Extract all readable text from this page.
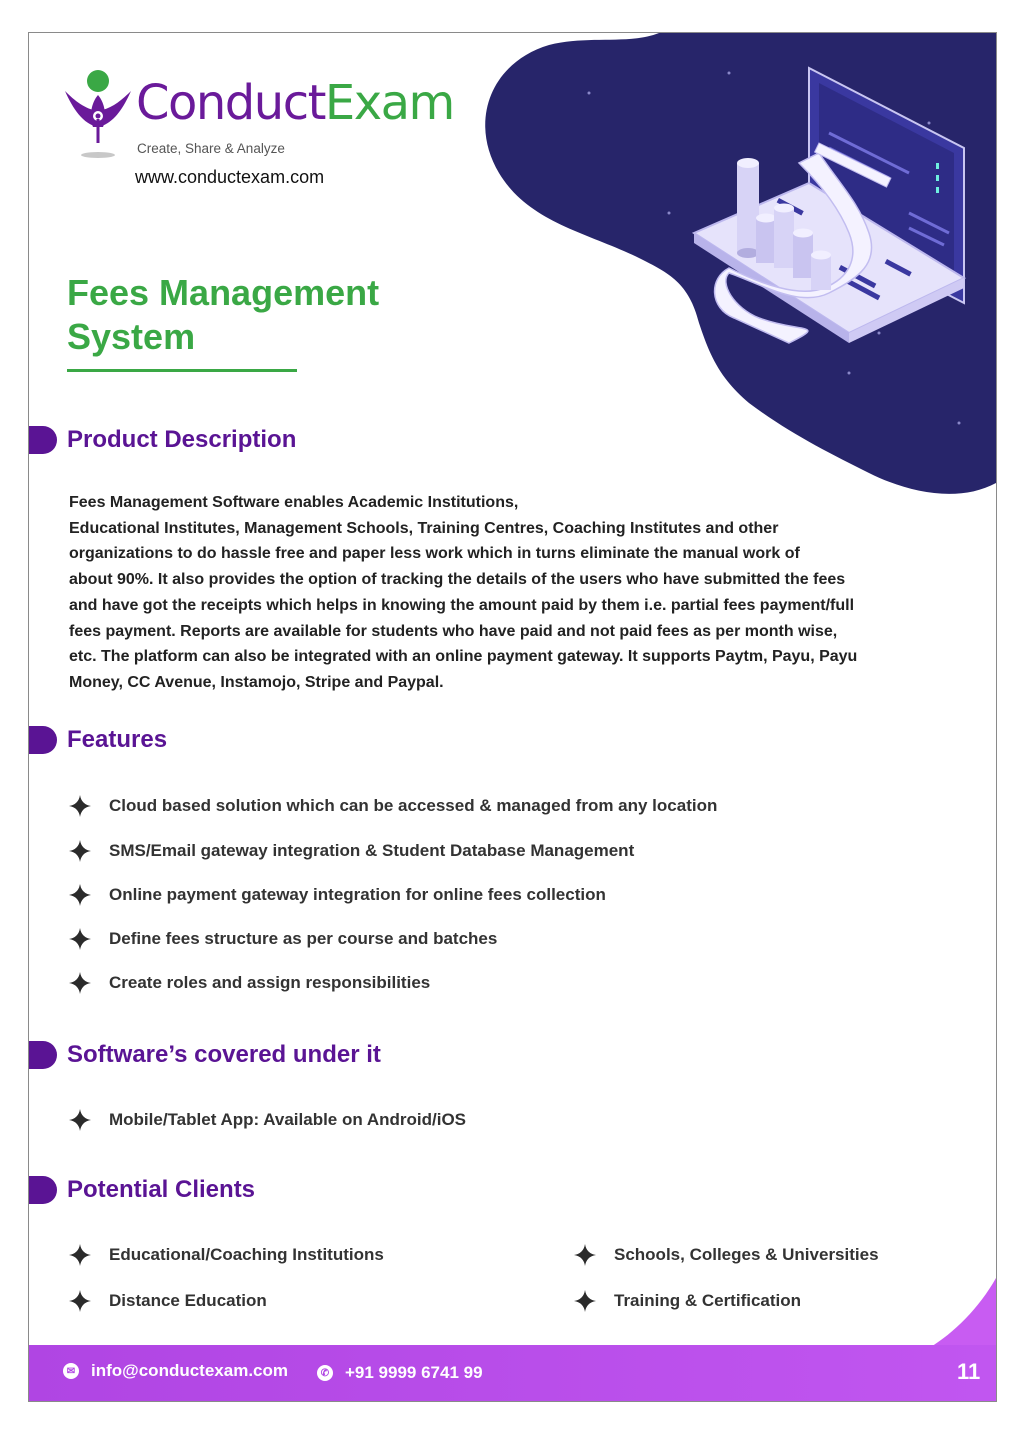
ConductExam
Create, Share & Analyze
www.conductexam.com
Fees Management
System
Product Description
Fees Management Software enables Academic Institutions,
Educational Institutes, Management Schools, Training Centres, Coaching Institutes and other
organizations to do hassle free and paper less work which in turns eliminate the manual work of
about 90%. It also provides the option of tracking the details of the users who have submitted the fees
and have got the receipts which helps in knowing the amount paid by them i.e. partial fees payment/full
fees payment. Reports are available for students who have paid and not paid fees as per month wise,
etc. The platform can also be integrated with an online payment gateway. It supports Paytm, Payu, Payu
Money, CC Avenue, Instamojo, Stripe and Paypal.
Features
Cloud based solution which can be accessed & managed from any location
SMS/Email gateway integration & Student Database Management
Online payment gateway integration for online fees collection
Define fees structure as per course and batches
Create roles and assign responsibilities
Software’s covered under it
Mobile/Tablet App: Available on Android/iOS
Potential Clients
Educational/Coaching Institutions	Schools, Colleges & Universities
Distance Education	Training & Certification
✉ info@conductexam.com	✆ +91 9999 6741 99	11
